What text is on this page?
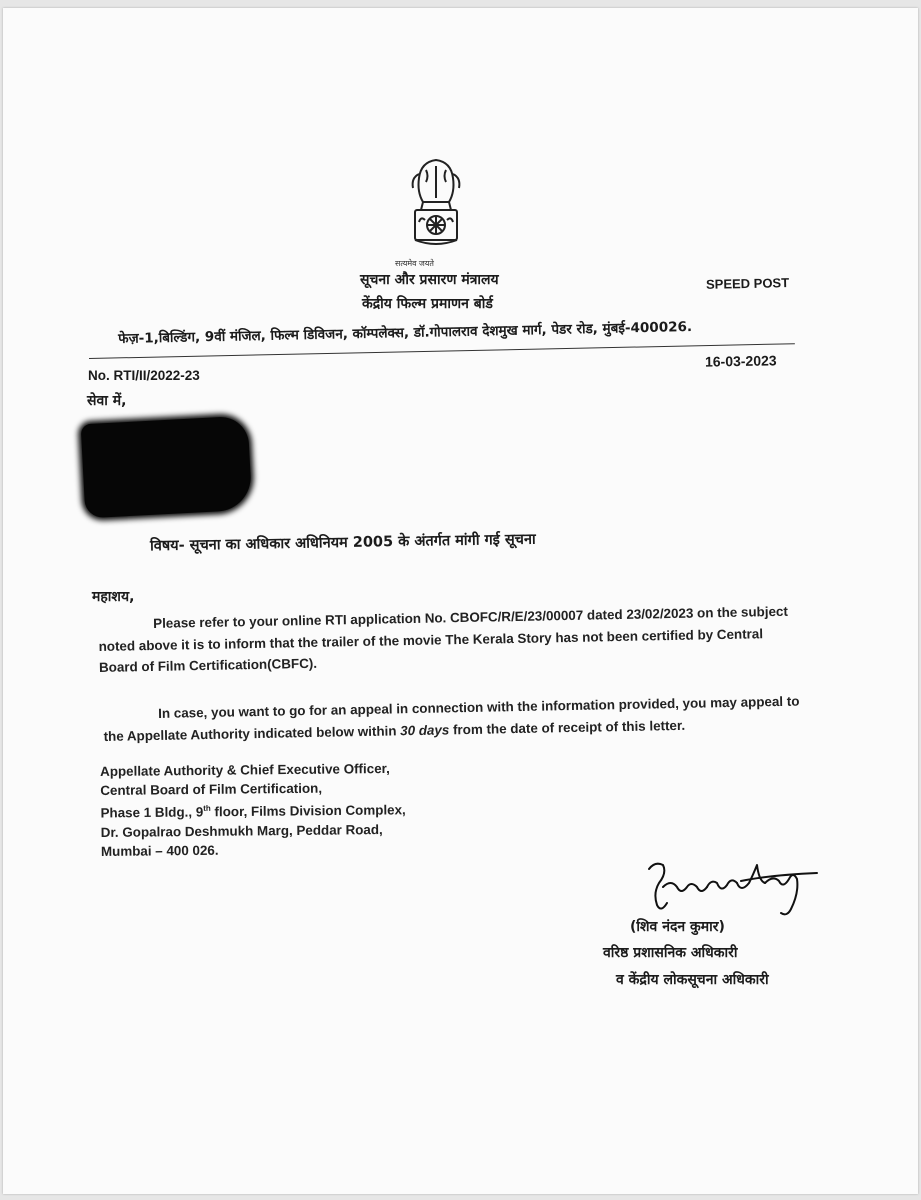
सत्यमेव जयते
सूचना और प्रसारण मंत्रालय
केंद्रीय फिल्म प्रमाणन बोर्ड
SPEED POST
फेज़-1,बिल्डिंग, 9वीं मंजिल, फिल्म डिविजन, कॉम्पलेक्स, डॉ.गोपालराव देशमुख मार्ग, पेडर रोड, मुंबई-400026.
16-03-2023
No. RTI/II/2022-23
सेवा में,
विषय- सूचना का अधिकार अधिनियम 2005 के अंतर्गत मांगी गई सूचना
महाशय,
Please refer to your online RTI application No. CBOFC/R/E/23/00007 dated 23/02/2023 on the subject noted above it is to inform that the trailer of the movie The Kerala Story has not been certified by Central Board of Film Certification(CBFC).
In case, you want to go for an appeal in connection with the information provided, you may appeal to the Appellate Authority indicated below within 30 days from the date of receipt of this letter.
Appellate Authority & Chief Executive Officer,
Central Board of Film Certification,
Phase 1 Bldg., 9th floor, Films Division Complex,
Dr. Gopalrao Deshmukh Marg, Peddar Road,
Mumbai – 400 026.
(शिव नंदन कुमार)
वरिष्ठ प्रशासनिक अधिकारी
व केंद्रीय लोकसूचना अधिकारी
